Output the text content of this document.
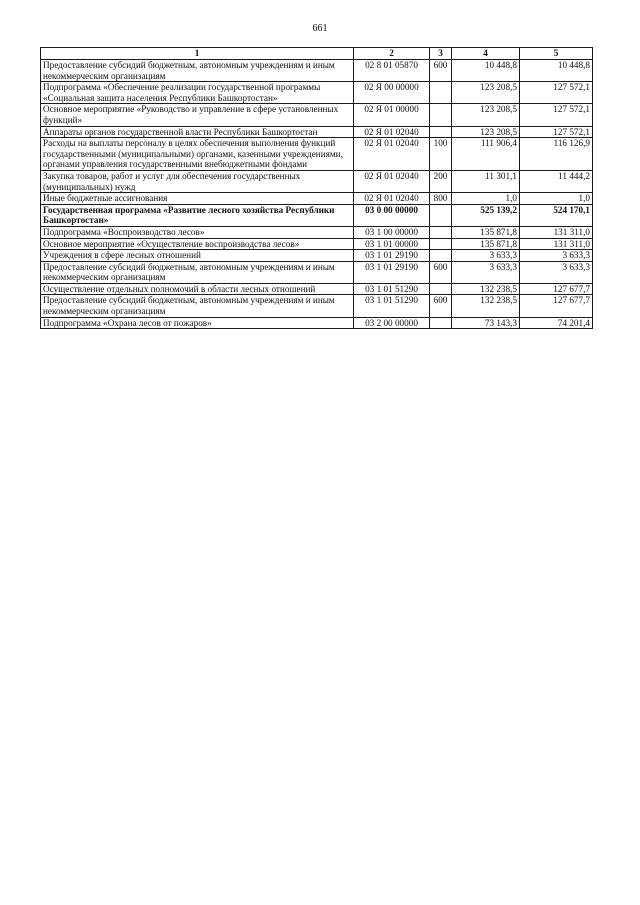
661
1	2	3	4	5
Предоставление субсидий бюджетным, автономным учреждениям и иным некоммерческим организациям	02 8 01 05870	600	10 448,8	10 448,8
Подпрограмма «Обеспечение реализации государственной программы «Социальная защита населения Республики Башкортостан»	02 Я 00 00000		123 208,5	127 572,1
Основное мероприятие «Руководство и управление в сфере установленных функций»	02 Я 01 00000		123 208,5	127 572,1
Аппараты органов государственной власти Республики Башкортостан	02 Я 01 02040		123 208,5	127 572,1
Расходы на выплаты персоналу в целях обеспечения выполнения функций государственными (муниципальными) органами, казенными учреждениями, органами управления государственными внебюджетными фондами	02 Я 01 02040	100	111 906,4	116 126,9
Закупка товаров, работ и услуг для обеспечения государственных (муниципальных) нужд	02 Я 01 02040	200	11 301,1	11 444,2
Иные бюджетные ассигнования	02 Я 01 02040	800	1,0	1,0
Государственная программа «Развитие лесного хозяйства Республики Башкортостан»	03 0 00 00000		525 139,2	524 170,1
Подпрограмма «Воспроизводство лесов»	03 1 00 00000		135 871,8	131 311,0
Основное мероприятие «Осуществление воспроизводства лесов»	03 1 01 00000		135 871,8	131 311,0
Учреждения в сфере лесных отношений	03 1 01 29190		3 633,3	3 633,3
Предоставление субсидий бюджетным, автономным учреждениям и иным некоммерческим организациям	03 1 01 29190	600	3 633,3	3 633,3
Осуществление отдельных полномочий в области лесных отношений	03 1 01 51290		132 238,5	127 677,7
Предоставление субсидий бюджетным, автономным учреждениям и иным некоммерческим организациям	03 1 01 51290	600	132 238,5	127 677,7
Подпрограмма «Охрана лесов от пожаров»	03 2 00 00000		73 143,3	74 201,4
